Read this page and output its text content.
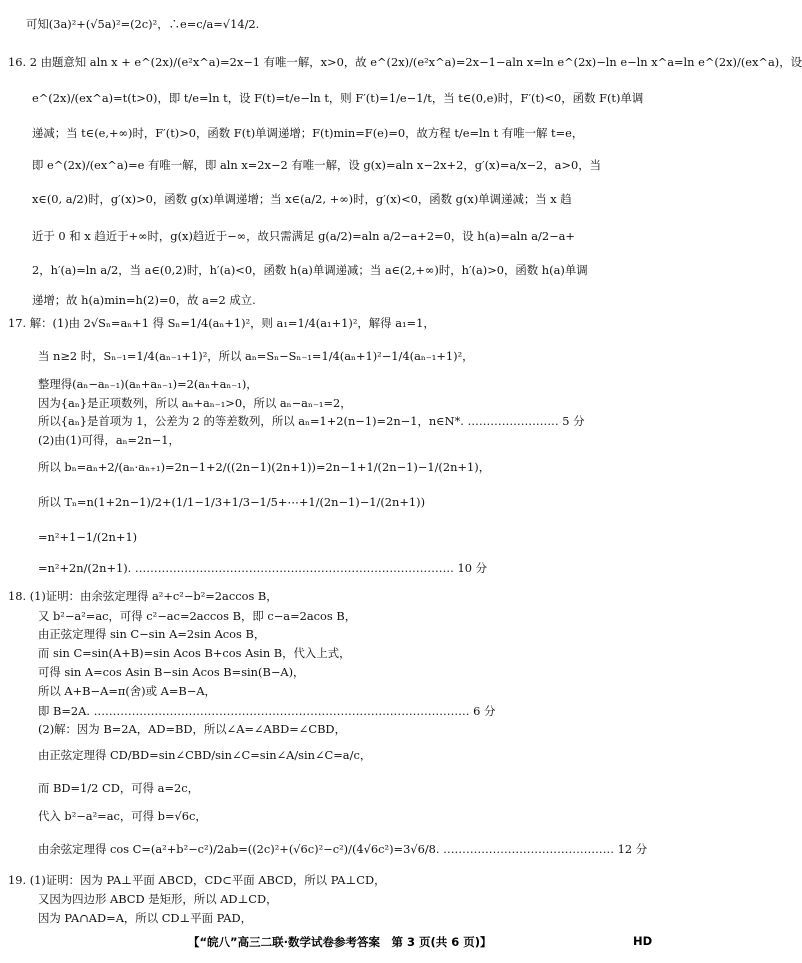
可知(3a)²+(√5a)²=(2c)²，∴e=c/a=√14/2.
16. 2 由题意知 aln x + e^(2x)/(e²x^a)=2x−1 有唯一解，x>0，故 e^(2x)/(e²x^a)=2x−1−aln x=ln e^(2x)−ln e−ln x^a=ln e^(2x)/(ex^a)，设
e^(2x)/(ex^a)=t(t>0)，即 t/e=ln t，设 F(t)=t/e−ln t，则 F′(t)=1/e−1/t，当 t∈(0,e)时，F′(t)<0，函数 F(t)单调
递减；当 t∈(e,+∞)时，F′(t)>0，函数 F(t)单调递增；F(t)min=F(e)=0，故方程 t/e=ln t 有唯一解 t=e，
即 e^(2x)/(ex^a)=e 有唯一解，即 aln x=2x−2 有唯一解，设 g(x)=aln x−2x+2，g′(x)=a/x−2，a>0，当
x∈(0, a/2)时，g′(x)>0，函数 g(x)单调递增；当 x∈(a/2, +∞)时，g′(x)<0，函数 g(x)单调递减；当 x 趋
近于 0 和 x 趋近于+∞时，g(x)趋近于−∞，故只需满足 g(a/2)=aln a/2−a+2=0，设 h(a)=aln a/2−a+
2，h′(a)=ln a/2，当 a∈(0,2)时，h′(a)<0，函数 h(a)单调递减；当 a∈(2,+∞)时，h′(a)>0，函数 h(a)单调
递增；故 h(a)min=h(2)=0，故 a=2 成立.
17. 解：(1)由 2√Sₙ=aₙ+1 得 Sₙ=1/4(aₙ+1)²，则 a₁=1/4(a₁+1)²，解得 a₁=1，
当 n≥2 时，Sₙ₋₁=1/4(aₙ₋₁+1)²，所以 aₙ=Sₙ−Sₙ₋₁=1/4(aₙ+1)²−1/4(aₙ₋₁+1)²，
整理得(aₙ−aₙ₋₁)(aₙ+aₙ₋₁)=2(aₙ+aₙ₋₁)，
因为{aₙ}是正项数列，所以 aₙ+aₙ₋₁>0，所以 aₙ−aₙ₋₁=2，
所以{aₙ}是首项为 1，公差为 2 的等差数列，所以 aₙ=1+2(n−1)=2n−1，n∈N*. …………………… 5 分
(2)由(1)可得，aₙ=2n−1，
所以 bₙ=aₙ+2/(aₙ·aₙ₊₁)=2n−1+2/((2n−1)(2n+1))=2n−1+1/(2n−1)−1/(2n+1)，
所以 Tₙ=n(1+2n−1)/2+(1/1−1/3+1/3−1/5+⋯+1/(2n−1)−1/(2n+1))
=n²+1−1/(2n+1)
=n²+2n/(2n+1). ………………………………………………………………………… 10 分
18. (1)证明：由余弦定理得 a²+c²−b²=2accos B，
又 b²−a²=ac，可得 c²−ac=2accos B，即 c−a=2acos B，
由正弦定理得 sin C−sin A=2sin Acos B，
而 sin C=sin(A+B)=sin Acos B+cos Asin B，代入上式，
可得 sin A=cos Asin B−sin Acos B=sin(B−A)，
所以 A+B−A=π(舍)或 A=B−A，
即 B=2A. ……………………………………………………………………………………… 6 分
(2)解：因为 B=2A，AD=BD，所以∠A=∠ABD=∠CBD，
由正弦定理得 CD/BD=sin∠CBD/sin∠C=sin∠A/sin∠C=a/c，
而 BD=1/2 CD，可得 a=2c，
代入 b²−a²=ac，可得 b=√6c，
由余弦定理得 cos C=(a²+b²−c²)/2ab=((2c)²+(√6c)²−c²)/(4√6c²)=3√6/8. ……………………………………… 12 分
19. (1)证明：因为 PA⊥平面 ABCD，CD⊂平面 ABCD，所以 PA⊥CD，
又因为四边形 ABCD 是矩形，所以 AD⊥CD，
因为 PA∩AD=A，所以 CD⊥平面 PAD，
【“皖八”高三二联·数学试卷参考答案　第 3 页(共 6 页)】	HD
